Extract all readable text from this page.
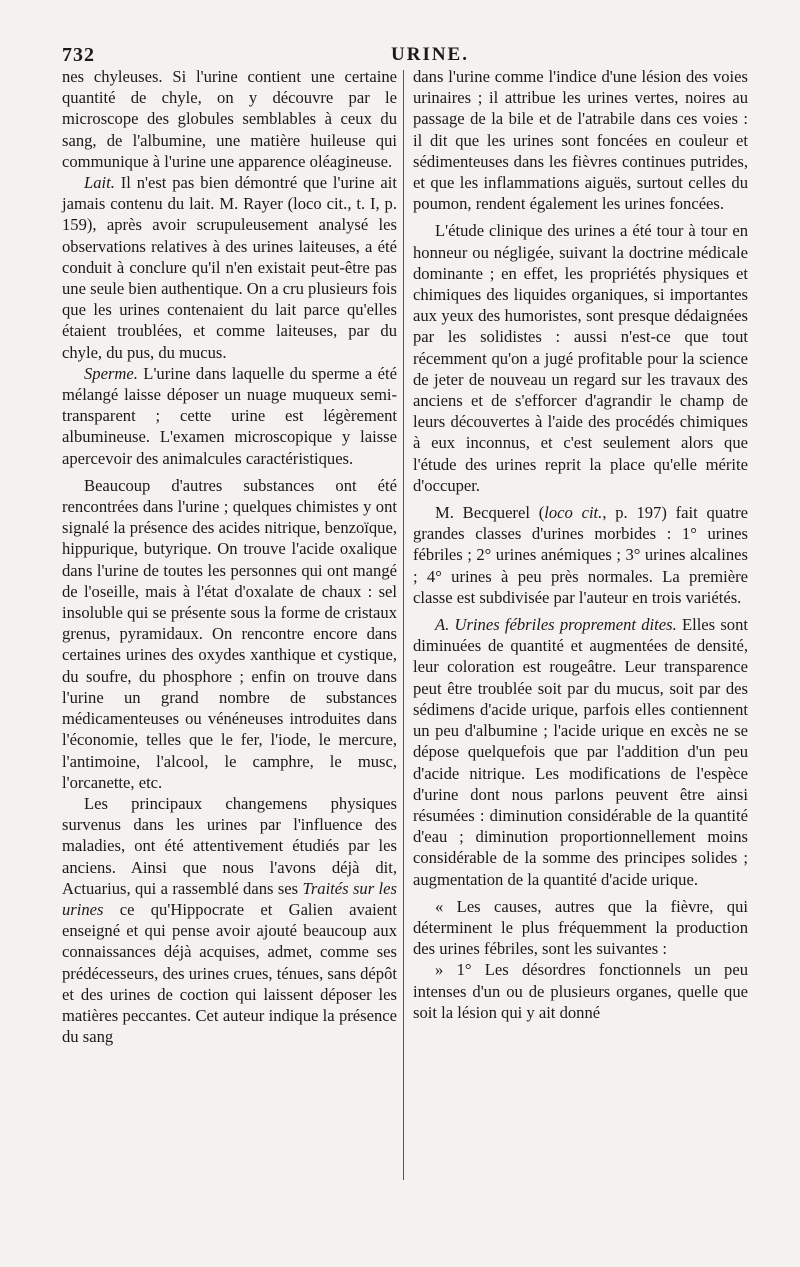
732	URINE.

nes chyleuses. Si l'urine contient une certaine quantité de chyle, on y découvre par le microscope des globules semblables à ceux du sang, de l'albumine, une matière huileuse qui communique à l'urine une apparence oléagineuse.

Lait. Il n'est pas bien démontré que l'urine ait jamais contenu du lait. M. Rayer (loco cit., t. I, p. 159), après avoir scrupuleusement analysé les observations relatives à des urines laiteuses, a été conduit à conclure qu'il n'en existait peut-être pas une seule bien authentique. On a cru plusieurs fois que les urines contenaient du lait parce qu'elles étaient troublées, et comme laiteuses, par du chyle, du pus, du mucus.

Sperme. L'urine dans laquelle du sperme a été mélangé laisse déposer un nuage muqueux semi-transparent ; cette urine est légèrement albumineuse. L'examen microscopique y laisse apercevoir des animalcules caractéristiques.

Beaucoup d'autres substances ont été rencontrées dans l'urine ; quelques chimistes y ont signalé la présence des acides nitrique, benzoïque, hippurique, butyrique. On trouve l'acide oxalique dans l'urine de toutes les personnes qui ont mangé de l'oseille, mais à l'état d'oxalate de chaux : sel insoluble qui se présente sous la forme de cristaux grenus, pyramidaux. On rencontre encore dans certaines urines des oxydes xanthique et cystique, du soufre, du phosphore ; enfin on trouve dans l'urine un grand nombre de substances médicamenteuses ou vénéneuses introduites dans l'économie, telles que le fer, l'iode, le mercure, l'antimoine, l'alcool, le camphre, le musc, l'orcanette, etc.

Les principaux changemens physiques survenus dans les urines par l'influence des maladies, ont été attentivement étudiés par les anciens. Ainsi que nous l'avons déjà dit, Actuarius, qui a rassemblé dans ses Traités sur les urines ce qu'Hippocrate et Galien avaient enseigné et qui pense avoir ajouté beaucoup aux connaissances déjà acquises, admet, comme ses prédécesseurs, des urines crues, ténues, sans dépôt et des urines de coction qui laissent déposer les matières peccantes. Cet auteur indique la présence du sang

dans l'urine comme l'indice d'une lésion des voies urinaires ; il attribue les urines vertes, noires au passage de la bile et de l'atrabile dans ces voies : il dit que les urines sont foncées en couleur et sédimenteuses dans les fièvres continues putrides, et que les inflammations aiguës, surtout celles du poumon, rendent également les urines foncées.

L'étude clinique des urines a été tour à tour en honneur ou négligée, suivant la doctrine médicale dominante ; en effet, les propriétés physiques et chimiques des liquides organiques, si importantes aux yeux des humoristes, sont presque dédaignées par les solidistes : aussi n'est-ce que tout récemment qu'on a jugé profitable pour la science de jeter de nouveau un regard sur les travaux des anciens et de s'efforcer d'agrandir le champ de leurs découvertes à l'aide des procédés chimiques à eux inconnus, et c'est seulement alors que l'étude des urines reprit la place qu'elle mérite d'occuper.

M. Becquerel (loco cit., p. 197) fait quatre grandes classes d'urines morbides : 1° urines fébriles ; 2° urines anémiques ; 3° urines alcalines ; 4° urines à peu près normales. La première classe est subdivisée par l'auteur en trois variétés.

A. Urines fébriles proprement dites. Elles sont diminuées de quantité et augmentées de densité, leur coloration est rougeâtre. Leur transparence peut être troublée soit par du mucus, soit par des sédimens d'acide urique, parfois elles contiennent un peu d'albumine ; l'acide urique en excès ne se dépose quelquefois que par l'addition d'un peu d'acide nitrique. Les modifications de l'espèce d'urine dont nous parlons peuvent être ainsi résumées : diminution considérable de la quantité d'eau ; diminution proportionnellement moins considérable de la somme des principes solides ; augmentation de la quantité d'acide urique.

« Les causes, autres que la fièvre, qui déterminent le plus fréquemment la production des urines fébriles, sont les suivantes :

» 1° Les désordres fonctionnels un peu intenses d'un ou de plusieurs organes, quelle que soit la lésion qui y ait donné
